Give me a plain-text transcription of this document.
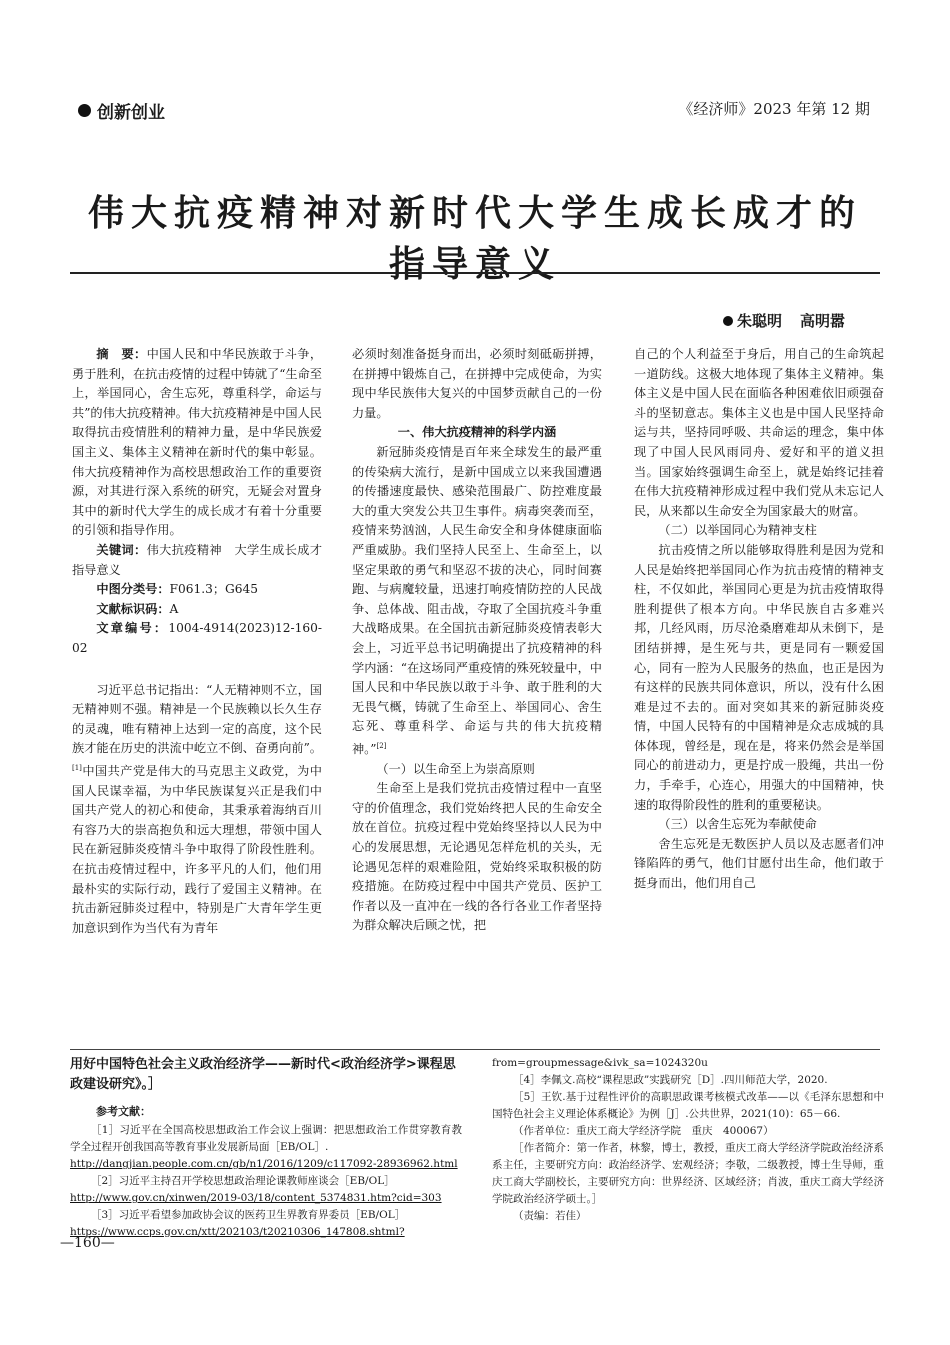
创新创业	《经济师》2023 年第 12 期
伟大抗疫精神对新时代大学生成长成才的指导意义
朱聪明 高明嚣

摘　要：中国人民和中华民族敢于斗争，勇于胜利，在抗击疫情的过程中铸就了“生命至上，举国同心，舍生忘死，尊重科学，命运与共”的伟大抗疫精神。伟大抗疫精神是中国人民取得抗击疫情胜利的精神力量，是中华民族爱国主义、集体主义精神在新时代的集中彰显。伟大抗疫精神作为高校思想政治工作的重要资源，对其进行深入系统的研究，无疑会对置身其中的新时代大学生的成长成才有着十分重要的引领和指导作用。

关键词：伟大抗疫精神　大学生成长成才　指导意义

中图分类号：F061.3；G645

文献标识码：A

文章编号：1004-4914(2023)12-160-02

习近平总书记指出：“人无精神则不立，国无精神则不强。精神是一个民族赖以长久生存的灵魂，唯有精神上达到一定的高度，这个民族才能在历史的洪流中屹立不倒、奋勇向前”。[1]中国共产党是伟大的马克思主义政党，为中国人民谋幸福，为中华民族谋复兴正是我们中国共产党人的初心和使命，其秉承着海纳百川有容乃大的崇高抱负和远大理想，带领中国人民在新冠肺炎疫情斗争中取得了阶段性胜利。在抗击疫情过程中，许多平凡的人们，他们用最朴实的实际行动，践行了爱国主义精神。在抗击新冠肺炎过程中，特别是广大青年学生更加意识到作为当代有为青年

必须时刻准备挺身而出，必须时刻砥砺拼搏，在拼搏中锻炼自己，在拼搏中完成使命，为实现中华民族伟大复兴的中国梦贡献自己的一份力量。

一、伟大抗疫精神的科学内涵

新冠肺炎疫情是百年来全球发生的最严重的传染病大流行，是新中国成立以来我国遭遇的传播速度最快、感染范围最广、防控难度最大的重大突发公共卫生事件。病毒突袭而至，疫情来势汹汹，人民生命安全和身体健康面临严重威胁。我们坚持人民至上、生命至上，以坚定果敢的勇气和坚忍不拔的决心，同时间赛跑、与病魔较量，迅速打响疫情防控的人民战争、总体战、阻击战，夺取了全国抗疫斗争重大战略成果。在全国抗击新冠肺炎疫情表彰大会上，习近平总书记明确提出了抗疫精神的科学内涵：“在这场同严重疫情的殊死较量中，中国人民和中华民族以敢于斗争、敢于胜利的大无畏气概，铸就了生命至上、举国同心、舍生忘死、尊重科学、命运与共的伟大抗疫精神。”[2]

（一）以生命至上为崇高原则

生命至上是我们党抗击疫情过程中一直坚守的价值理念，我们党始终把人民的生命安全放在首位。抗疫过程中党始终坚持以人民为中心的发展思想，无论遇见怎样危机的关头，无论遇见怎样的艰难险阻，党始终采取积极的防疫措施。在防疫过程中中国共产党员、医护工作者以及一直冲在一线的各行各业工作者坚持为群众解决后顾之忧，把

自己的个人利益至于身后，用自己的生命筑起一道防线。这极大地体现了集体主义精神。集体主义是中国人民在面临各种困难依旧顽强奋斗的坚韧意志。集体主义也是中国人民坚持命运与共，坚持同呼吸、共命运的理念，集中体现了中国人民风雨同舟、爱好和平的道义担当。国家始终强调生命至上，就是始终记挂着在伟大抗疫精神形成过程中我们党从未忘记人民，从来都以生命安全为国家最大的财富。

（二）以举国同心为精神支柱

抗击疫情之所以能够取得胜利是因为党和人民是始终把举国同心作为抗击疫情的精神支柱，不仅如此，举国同心更是为抗击疫情取得胜利提供了根本方向。中华民族自古多难兴邦，几经风雨，历尽沧桑磨难却从未倒下，是团结拼搏，是生死与共，更是同有一颗爱国心，同有一腔为人民服务的热血，也正是因为有这样的民族共同体意识，所以，没有什么困难是过不去的。面对突如其来的新冠肺炎疫情，中国人民特有的中国精神是众志成城的具体体现，曾经是，现在是，将来仍然会是举国同心的前进动力，更是拧成一股绳，共出一份力，手牵手，心连心，用强大的中国精神，快速的取得阶段性的胜利的重要秘诀。

（三）以舍生忘死为奉献使命

舍生忘死是无数医护人员以及志愿者们冲锋陷阵的勇气，他们甘愿付出生命，他们敢于挺身而出，他们用自己

用好中国特色社会主义政治经济学——新时代<政治经济学>课程思政建设研究》。］
参考文献：

［1］习近平在全国高校思想政治工作会议上强调：把思想政治工作贯穿教育教学全过程开创我国高等教育事业发展新局面［EB/OL］.
http://dangjian.people.com.cn/gb/n1/2016/1209/c117092-28936962.html

［2］习近平主持召开学校思想政治理论课教师座谈会［EB/OL］
http://www.gov.cn/xinwen/2019-03/18/content_5374831.htm?cid=303

［3］习近平看望参加政协会议的医药卫生界教育界委员［EB/OL］
https://www.ccps.gov.cn/xtt/202103/t20210306_147808.shtml?

from=groupmessage&ivk_sa=1024320u

［4］李佩文.高校“课程思政”实践研究［D］.四川师范大学，2020.

［5］王钦.基于过程性评价的高职思政课考核模式改革——以《毛泽东思想和中国特色社会主义理论体系概论》为例［J］.公共世界，2021(10)：65－66.

（作者单位：重庆工商大学经济学院　重庆　400067）

［作者简介：第一作者，林黎，博士，教授，重庆工商大学经济学院政治经济系系主任，主要研究方向：政治经济学、宏观经济；李敬，二级教授，博士生导师，重庆工商大学副校长，主要研究方向：世界经济、区域经济；肖波，重庆工商大学经济学院政治经济学硕士。］

（责编：若佳）

—160—
